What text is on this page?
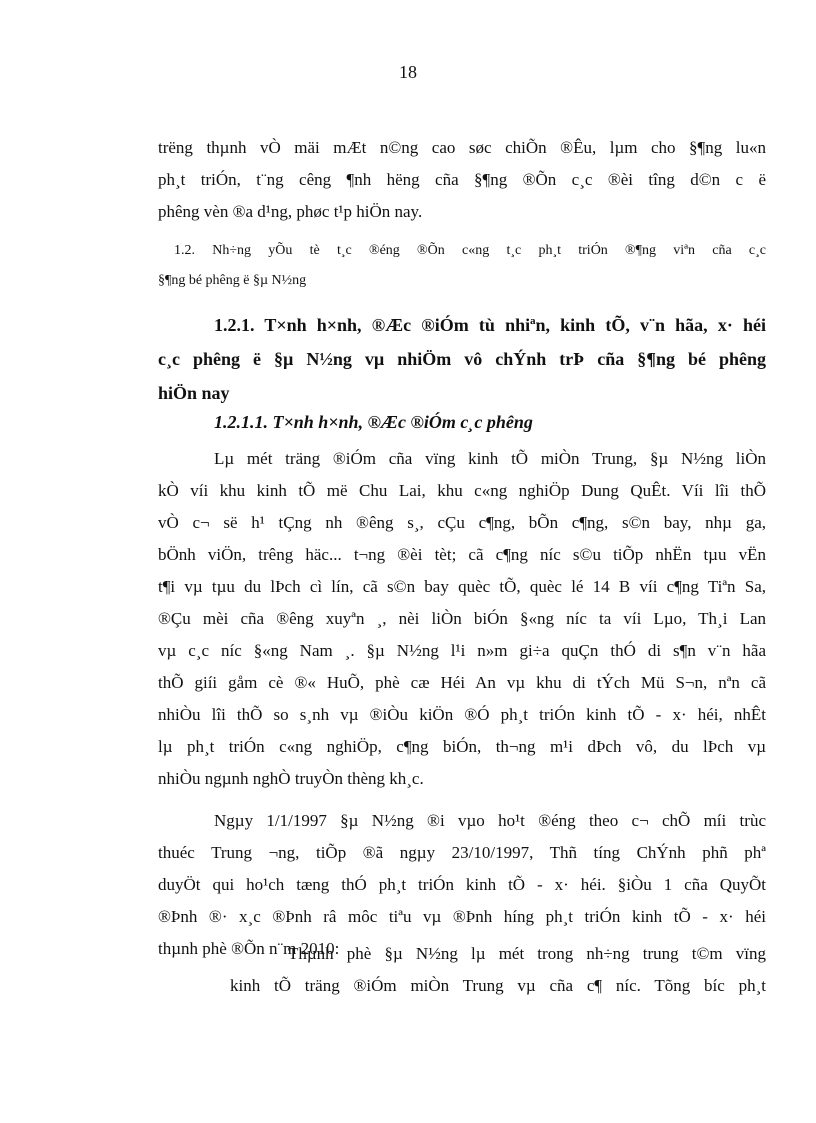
18

trëng thµnh vÒ mäi mÆt n©ng cao søc chiÕn ®Êu, lµm cho §¶ng lu«n

ph¸t triÓn, t¨ng cêng ¶nh hëng cña §¶ng ®Õn c¸c ®èi tîng d©n c ë

phêng vèn ®a d¹ng, phøc t¹p hiÖn nay.

1.2. Nh÷ng yÕu tè t¸c ®éng ®Õn c«ng t¸c ph¸t triÓn ®¶ng viªn cña c¸c

§¶ng bé phêng ë §µ N½ng

1.2.1. T×nh h×nh, ®Æc ®iÓm tù nhiªn, kinh tÕ, v¨n hãa, x· héi

c¸c phêng ë §µ N½ng vµ nhiÖm vô chÝnh trÞ cña §¶ng bé phêng

hiÖn nay

1.2.1.1. T×nh h×nh, ®Æc ®iÓm c¸c phêng

Lµ mét träng ®iÓm cña vïng kinh tÕ miÒn Trung, §µ N½ng liÒn

kÒ víi khu kinh tÕ më Chu Lai, khu c«ng nghiÖp Dung QuÊt. Víi lîi thÕ

vÒ c¬ së h¹ tÇng nh ®êng s¸, cÇu c¶ng, bÕn c¶ng, s©n bay, nhµ ga,

bÖnh viÖn, trêng häc... t¬ng ®èi tèt; cã c¶ng níc s©u tiÕp nhËn tµu vËn

t¶i vµ tµu du lÞch cì lín, cã s©n bay quèc tÕ, quèc lé 14 B víi c¶ng Tiªn Sa,

®Çu mèi cña ®êng xuyªn ¸, nèi liÒn biÓn §«ng níc ta víi Lµo, Th¸i Lan

vµ c¸c níc §«ng Nam ¸. §µ N½ng l¹i n»m gi÷a quÇn thÓ di s¶n v¨n hãa

thÕ giíi gåm cè ®« HuÕ, phè cæ Héi An vµ khu di tÝch Mü S¬n, nªn cã

nhiÒu lîi thÕ so s¸nh vµ ®iÒu kiÖn ®Ó ph¸t triÓn kinh tÕ - x· héi, nhÊt

lµ ph¸t triÓn c«ng nghiÖp, c¶ng biÓn, th¬ng m¹i dÞch vô, du lÞch vµ

nhiÒu ngµnh nghÒ truyÒn thèng kh¸c.

Ngµy 1/1/1997 §µ N½ng ®i vµo ho¹t ®éng theo c¬ chÕ míi trùc

thuéc Trung ¬ng, tiÕp ®ã ngµy 23/10/1997, Thñ tíng ChÝnh phñ phª

duyÖt qui ho¹ch tæng thÓ ph¸t triÓn kinh tÕ - x· héi. §iÒu 1 cña QuyÕt

®Þnh ®· x¸c ®Þnh râ môc tiªu vµ ®Þnh híng ph¸t triÓn kinh tÕ - x· héi

thµnh phè ®Õn n¨m 2010:

Thµnh phè §µ N½ng lµ mét trong nh÷ng trung t©m vïng

kinh tÕ träng ®iÓm miÒn Trung vµ cña c¶ níc. Tõng bíc ph¸t
